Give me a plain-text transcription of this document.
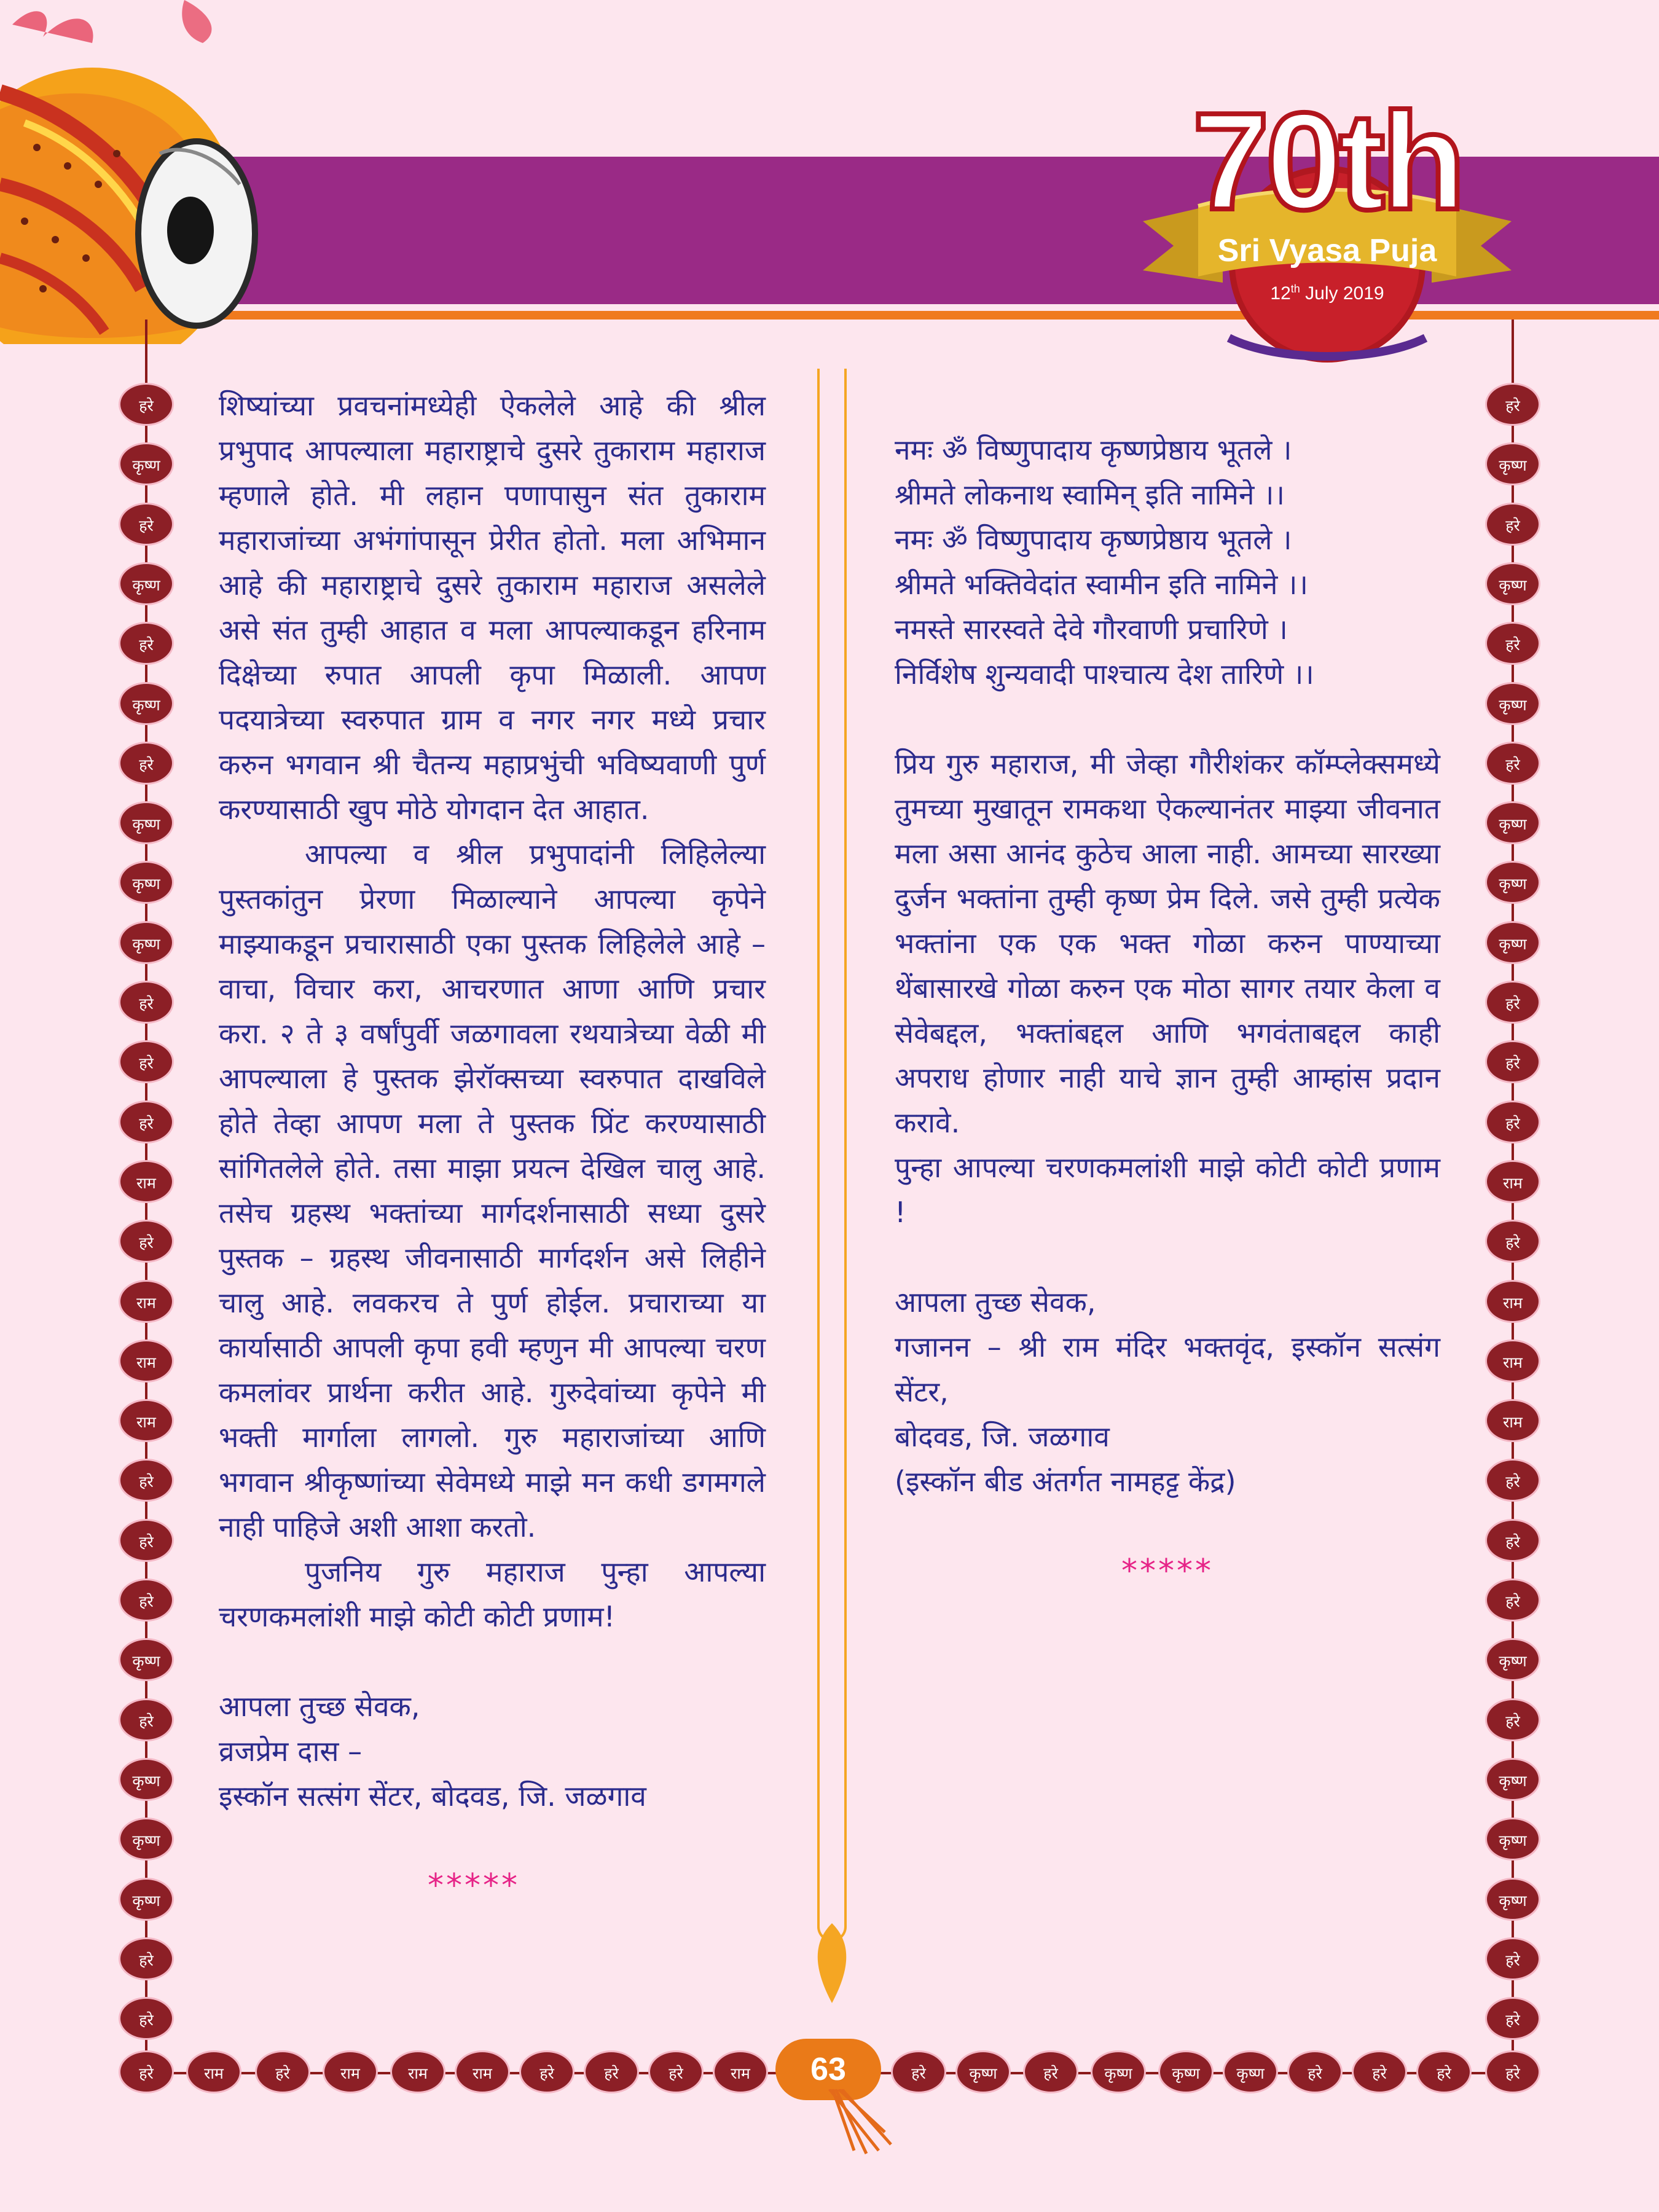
70th
Sri Vyasa Puja
12th July 2019
हरे
कृष्ण
हरे
कृष्ण
हरे
कृष्ण
हरे
कृष्ण
कृष्ण
कृष्ण
हरे
हरे
हरे
राम
हरे
राम
राम
राम
हरे
हरे
हरे
कृष्ण
हरे
कृष्ण
कृष्ण
कृष्ण
हरे
हरे
हरे
कृष्ण
हरे
कृष्ण
हरे
कृष्ण
हरे
कृष्ण
कृष्ण
कृष्ण
हरे
हरे
हरे
राम
हरे
राम
राम
राम
हरे
हरे
हरे
कृष्ण
हरे
कृष्ण
कृष्ण
कृष्ण
हरे
हरे
हरे	राम	हरे	राम	राम	राम	हरे	हरे	हरे	राम	हरे	कृष्ण	हरे	कृष्ण	कृष्ण	कृष्ण	हरे	हरे	हरे	हरे
63

शिष्यांच्या प्रवचनांमध्येही ऐकलेले आहे की श्रील प्रभुपाद आपल्याला महाराष्ट्राचे दुसरे तुकाराम महाराज म्हणाले होते. मी लहान पणापासुन संत तुकाराम महाराजांच्या अभंगांपासून प्रेरीत होतो. मला अभिमान आहे की महाराष्ट्राचे दुसरे तुकाराम महाराज असलेले असे संत तुम्ही आहात व मला आपल्याकडून हरिनाम दिक्षेच्या रुपात आपली कृपा मिळाली. आपण पदयात्रेच्या स्वरुपात ग्राम व नगर नगर मध्ये प्रचार करुन भगवान श्री चैतन्य महाप्रभुंची भविष्यवाणी पुर्ण करण्यासाठी खुप मोठे योगदान देत आहात.

आपल्या व श्रील प्रभुपादांनी लिहिलेल्या पुस्तकांतुन प्रेरणा मिळाल्याने आपल्या कृपेने माझ्याकडून प्रचारासाठी एका पुस्तक लिहिलेले आहे – वाचा, विचार करा, आचरणात आणा आणि प्रचार करा. २ ते ३ वर्षांपुर्वी जळगावला रथयात्रेच्या वेळी मी आपल्याला हे पुस्तक झेरॉक्सच्या स्वरुपात दाखविले होते तेव्हा आपण मला ते पुस्तक प्रिंट करण्यासाठी सांगितलेले होते. तसा माझा प्रयत्न देखिल चालु आहे. तसेच ग्रहस्थ भक्तांच्या मार्गदर्शनासाठी सध्या दुसरे पुस्तक – ग्रहस्थ जीवनासाठी मार्गदर्शन असे लिहीने चालु आहे. लवकरच ते पुर्ण होईल. प्रचाराच्या या कार्यासाठी आपली कृपा हवी म्हणुन मी आपल्या चरण कमलांवर प्रार्थना करीत आहे. गुरुदेवांच्या कृपेने मी भक्ती मार्गाला लागलो. गुरु महाराजांच्या आणि भगवान श्रीकृष्णांच्या सेवेमध्ये माझे मन कधी डगमगले नाही पाहिजे अशी आशा करतो.

पुजनिय गुरु महाराज पुन्हा आपल्या चरणकमलांशी माझे कोटी कोटी प्रणाम!

आपला तुच्छ सेवक,

व्रजप्रेम दास –

इस्कॉन सत्संग सेंटर, बोदवड, जि. जळगाव

*****

नमः ॐ विष्णुपादाय कृष्णप्रेष्ठाय भूतले ।

श्रीमते लोकनाथ स्वामिन् इति नामिने ।।

नमः ॐ विष्णुपादाय कृष्णप्रेष्ठाय भूतले ।

श्रीमते भक्तिवेदांत स्वामीन इति नामिने ।।

नमस्ते सारस्वते देवे गौरवाणी प्रचारिणे ।

निर्विशेष शुन्यवादी पाश्चात्य देश तारिणे ।।

प्रिय गुरु महाराज, मी जेव्हा गौरीशंकर कॉम्प्लेक्समध्ये तुमच्या मुखातून रामकथा ऐकल्यानंतर माझ्या जीवनात मला असा आनंद कुठेच आला नाही. आमच्या सारख्या दुर्जन भक्तांना तुम्ही कृष्ण प्रेम दिले. जसे तुम्ही प्रत्येक भक्तांना एक एक भक्त गोळा करुन पाण्याच्या थेंबासारखे गोळा करुन एक मोठा सागर तयार केला व सेवेबद्दल, भक्तांबद्दल आणि भगवंताबद्दल काही अपराध होणार नाही याचे ज्ञान तुम्ही आम्हांस प्रदान करावे.

पुन्हा आपल्या चरणकमलांशी माझे कोटी कोटी प्रणाम !

आपला तुच्छ सेवक,

गजानन – श्री राम मंदिर भक्तवृंद, इस्कॉन सत्संग सेंटर,

बोदवड, जि. जळगाव

(इस्कॉन बीड अंतर्गत नामहट्ट केंद्र)

*****
